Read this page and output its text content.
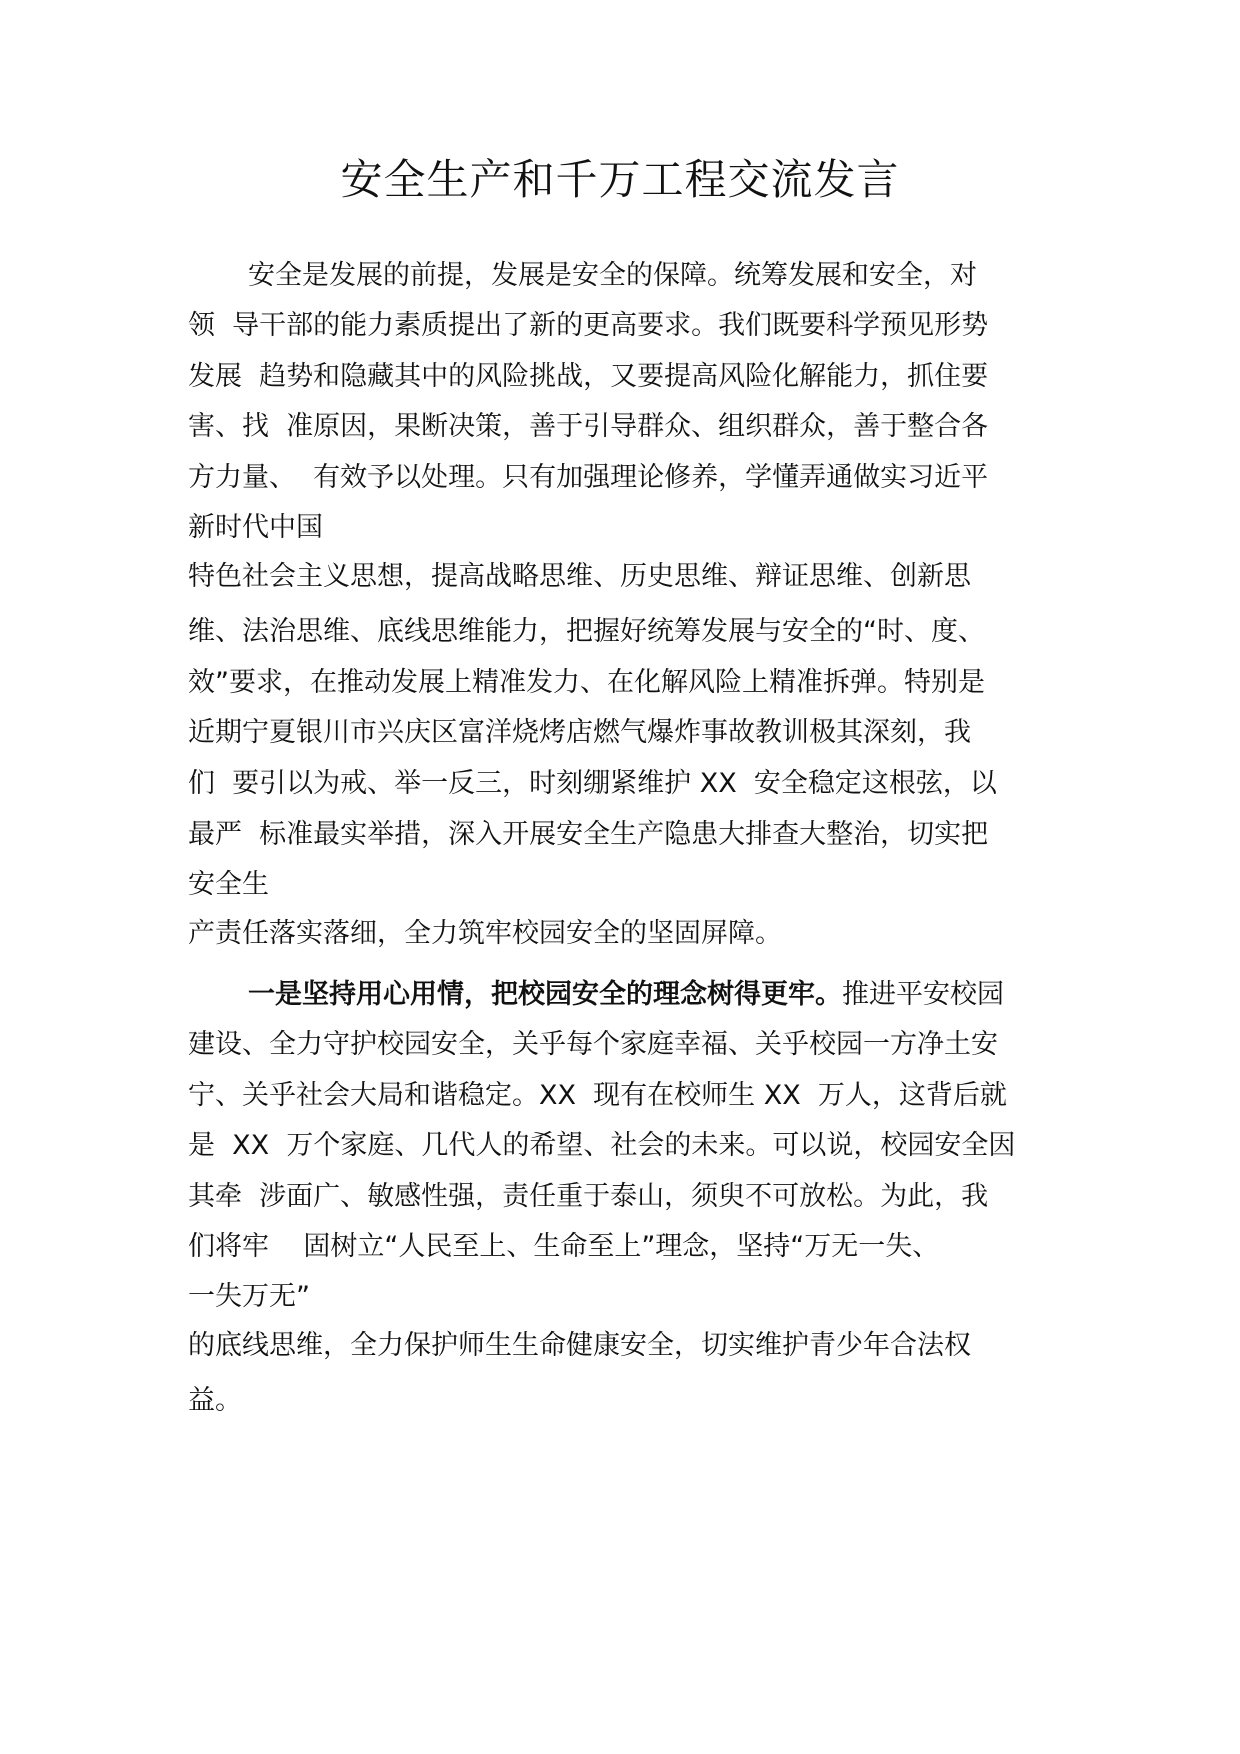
安全生产和千万工程交流发言

安全是发展的前提，发展是安全的保障。统筹发展和安全，对

领  导干部的能力素质提出了新的更高要求。我们既要科学预见形势

发展  趋势和隐藏其中的风险挑战，又要提高风险化解能力，抓住要

害、找  准原因，果断决策，善于引导群众、组织群众，善于整合各

方力量、  有效予以处理。只有加强理论修养，学懂弄通做实习近平

新时代中国

特色社会主义思想，提高战略思维、历史思维、辩证思维、创新思

维、法治思维、底线思维能力，把握好统筹发展与安全的“时、度、

效”要求，在推动发展上精准发力、在化解风险上精准拆弹。特别是

近期宁夏银川市兴庆区富洋烧烤店燃气爆炸事故教训极其深刻，我

们  要引以为戒、举一反三，时刻绷紧维护 XX  安全稳定这根弦，以

最严  标准最实举措，深入开展安全生产隐患大排查大整治，切实把

安全生

产责任落实落细，全力筑牢校园安全的坚固屏障。

一是坚持用心用情，把校园安全的理念树得更牢。推进平安校园

建设、全力守护校园安全，关乎每个家庭幸福、关乎校园一方净土安

宁、关乎社会大局和谐稳定。XX  现有在校师生 XX  万人，这背后就

是  XX  万个家庭、几代人的希望、社会的未来。可以说，校园安全因

其牵  涉面广、敏感性强，责任重于泰山，须臾不可放松。为此，我

们将牢    固树立“人民至上、生命至上”理念，坚持“万无一失、

一失万无”

的底线思维，全力保护师生生命健康安全，切实维护青少年合法权

益。
